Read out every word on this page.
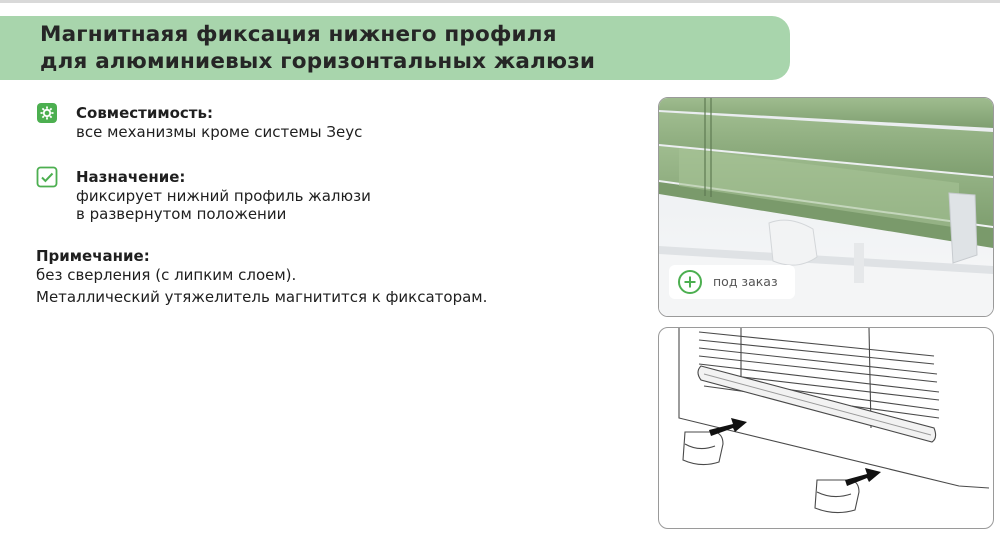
Магнитнаяя фиксация нижнего профиля
для алюминиевых горизонтальных жалюзи
Совместимость:
все механизмы кроме системы Зеус
Назначение:
фиксирует нижний профиль жалюзи
в развернутом положении
Примечание:
без сверления (с липким слоем).
Металлический утяжелитель магнитится к фиксаторам.
под заказ
